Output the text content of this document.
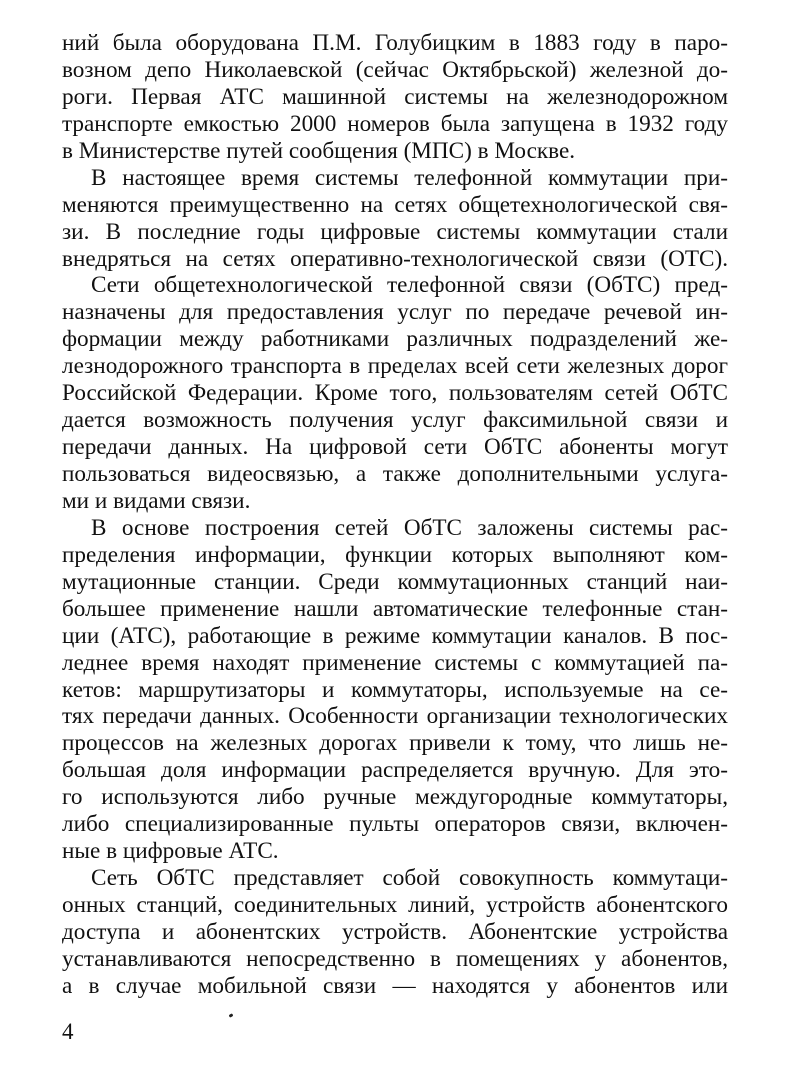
ний была оборудована П.М. Голубицким в 1883 году в паро-
возном депо Николаевской (сейчас Октябрьской) железной до-
роги. Первая АТС машинной системы на железнодорожном
транспорте емкостью 2000 номеров была запущена в 1932 году
в Министерстве путей сообщения (МПС) в Москве.
В настоящее время системы телефонной коммутации при-
меняются преимущественно на сетях общетехнологической свя-
зи. В последние годы цифровые системы коммутации стали
внедряться на сетях оперативно-технологической связи (ОТС).
Сети общетехнологической телефонной связи (ОбТС) пред-
назначены для предоставления услуг по передаче речевой ин-
формации между работниками различных подразделений же-
лезнодорожного транспорта в пределах всей сети железных дорог
Российской Федерации. Кроме того, пользователям сетей ОбТС
дается возможность получения услуг факсимильной связи и
передачи данных. На цифровой сети ОбТС абоненты могут
пользоваться видеосвязью, а также дополнительными услуга-
ми и видами связи.
В основе построения сетей ОбТС заложены системы рас-
пределения информации, функции которых выполняют ком-
мутационные станции. Среди коммутационных станций наи-
большее применение нашли автоматические телефонные стан-
ции (АТС), работающие в режиме коммутации каналов. В пос-
леднее время находят применение системы с коммутацией па-
кетов: маршрутизаторы и коммутаторы, используемые на се-
тях передачи данных. Особенности организации технологических
процессов на железных дорогах привели к тому, что лишь не-
большая доля информации распределяется вручную. Для это-
го используются либо ручные междугородные коммутаторы,
либо специализированные пульты операторов связи, включен-
ные в цифровые АТС.
Сеть ОбТС представляет собой совокупность коммутаци-
онных станций, соединительных линий, устройств абонентского
доступа и абонентских устройств. Абонентские устройства
устанавливаются непосредственно в помещениях у абонентов,
а в случае мобильной связи — находятся у абонентов или
4
